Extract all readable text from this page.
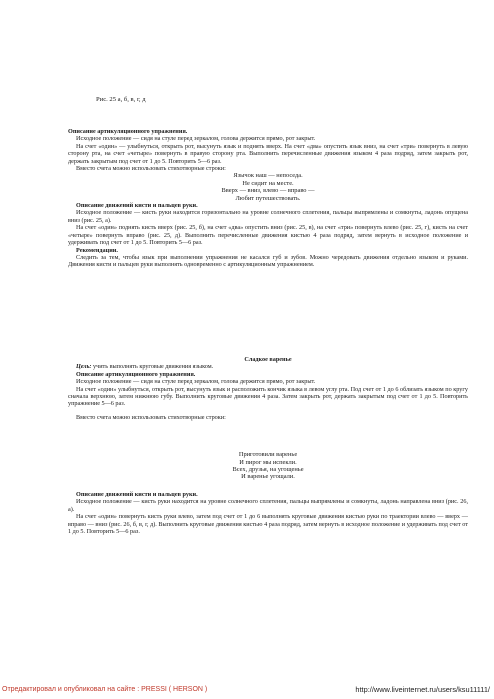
Рис. 25 а, б, в, г, д

Описание артикуляционного упражнения.

Исходное положение — сидя на стуле перед зеркалом, голова держится прямо, рот закрыт.

На счет «один» — улыбнуться, открыть рот, высунуть язык и поднять вверх. На счет «два» опустить язык вниз, на счет «три» повернуть в левую сторону рта, на счет «четыре» повернуть в правую сторону рта. Выполнить перечисленные движения языком 4 раза подряд, затем закрыть рот, держать закрытым под счет от 1 до 5. Повторить 5—6 раз.

Вместо счета можно использовать стихотворные строки:

Язычок наш — непоседа.
Не сидит на месте.
Вверх — вниз, влево — вправо —
Любит путешествовать.

Описание движений кисти и пальцев руки.

Исходное положение — кисть руки находится горизонтально на уровне солнечного сплетения, пальцы выпрямлены и сомкнуты, ладонь опущена вниз (рис. 25, а).

На счет «один» поднять кисть вверх (рис. 25, б), на счет «два» опустить вниз (рис. 25, в), на счет «три» повернуть влево (рис. 25, г), кисть на счет «четыре» повернуть вправо (рис. 25, д). Выполнить перечисленные движения кистью 4 раза подряд, затем вернуть в исходное положение и удерживать под счет от 1 до 5. Повторить 5—6 раз.

Рекомендации.

Следить за тем, чтобы язык при выполнении упражнения не касался губ и зубов. Можно чередовать движения отдельно языком и руками. Движения кисти и пальцев руки выполнять одновременно с артикуляционным упражнением.

Сладкое варенье

Цель: учить выполнять круговые движения языком.

Описание артикуляционного упражнения.

Исходное положение — сидя на стуле перед зеркалом, голова держится прямо, рот закрыт.

На счет «один» улыбнуться, открыть рот, высунуть язык и расположить кончик языка в левом углу рта. Под счет от 1 до 6 облизать языком по кругу сначала верхнюю, затем нижнюю губу. Выполнить круговые движения 4 раза. Затем закрыть рот, держать закрытым под счет от 1 до 5. Повторить упражнение 5—6 раз.

Вместо счета можно использовать стихотворные строки:

Приготовили варенье
И пирог мы испекли.
Всех, друзья, на угощенье
И варенье угощали.

Описание движений кисти и пальцев руки.

Исходное положение — кисть руки находится на уровне солнечного сплетения, пальцы выпрямлены и сомкнуты, ладонь направлена вниз (рис. 26, а).

На счет «один» повернуть кисть руки влево, затем под счет от 1 до 6 выполнять круговые движения кистью руки по траектории влево — вверх — вправо — вниз (рис. 26, б, в, г, д). Выполнить круговые движения кистью 4 раза подряд, затем вернуть в исходное положение и удерживать под счет от 1 до 5. Повторить 5—6 раз.

Отредактировал и опубликовал на сайте : PRESSI ( HERSON )	http://www.liveinternet.ru/users/ksu11111/
